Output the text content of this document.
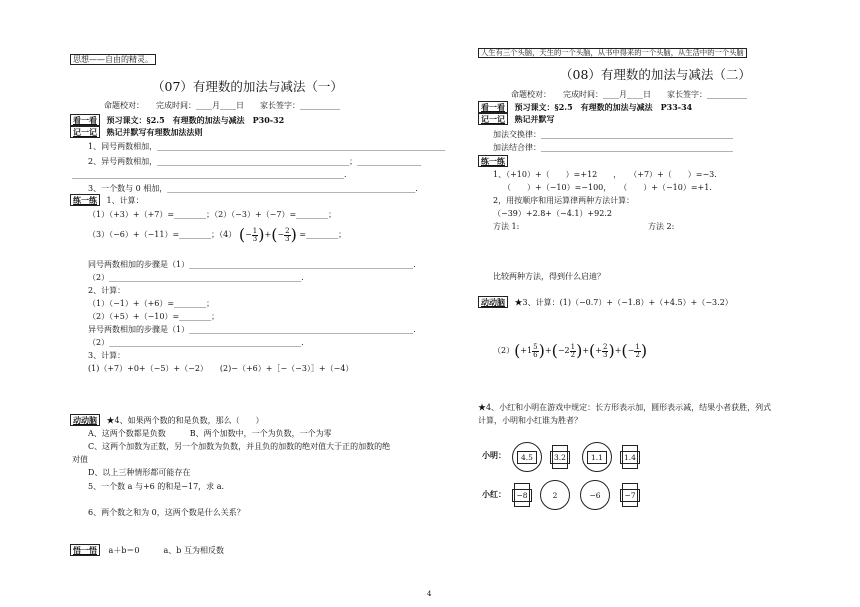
思想——自由的精灵。
（07）有理数的加法与减法（一）
命题校对：　　完成时间：____月____日　　家长签字：__________
看一看 预习课文：§2.5　有理数的加法与减法　P30-32
记一记 熟记并默写有理数加法法则
1、同号两数相加，________________________________________________________________________
2、异号两数相加，________________________________________________；________________
____________________________________________________________________.
3、一个数与 0 相加，______________________________________________________________.
练一练 1、计算：
（1）（+3）+（+7）=________；（2）（−3）+（−7）=________；
（3）（−6）+（−11）=________；（4） (− $\frac{1}{3}$ )+(− $\frac{2}{3}$ ) =________；
同号两数相加的步骤是（1）________________________________________________________.
（2）________________________________________________.
2、计算：
（1）（−1）+（+6）=________；
（2）（+5）+（−10）=________；
异号两数相加的步骤是（1）________________________________________________________.
（2）________________________________________________.
3、计算：
(1)（+7）+0+（−5）+（−2）　　(2)−（+6）+［−（−3）］+（−4）
动动脑 ★4、如果两个数的和是负数，那么（　　）
A、这两个数都是负数　　　B、两个加数中，一个为负数，一个为零
C、这两个加数为正数，另一个加数为负数，并且负的加数的绝对值大于正的加数的绝
对值
D、以上三种情形都可能存在
5、一个数 a 与+6 的和是−17，求 a.
6、两个数之和为 0，这两个数是什么关系？
悟一悟 a＋b＝0　　　a、b 互为相反数
人生有三个头脑，天生的一个头脑，从书中得来的一个头脑，从生活中的一个头脑
（08）有理数的加法与减法（二）
命题校对：　　完成时间：____月____日　　家长签字：__________
看一看 预习课文：§2.5　有理数的加法与减法　P33-34
记一记 熟记并默写
加法交换律：________________________________________________
加法结合律：________________________________________________
练一练
1、（+10）+（　　）=+12　　，　　（+7）+（　　）=−3.
（　　）+（−10）=−100，　　（　　）+（−10）=+1.
2，用按顺序和用运算律两种方法计算：
（−39）+2.8+（−4.1）+92.2
方法 1:	方法 2:
比较两种方法，得到什么启迪？
动动脑 ★3、计算：(1)（−0.7）+（−1.8）+（+4.5）+（−3.2）
$(2)(+1 \frac{5}{6} )+(-2 \frac{1}{2}$ )+(+ $\frac{2}{3}$ )+(− $\frac{1}{2}$ )
★4、小红和小明在游戏中规定：长方形表示加，圆形表示减，结果小者获胜，列式
计算，小明和小红谁为胜者？
小明：	4.5	3.2	1.1	1.4
小红：	−8	2	−6	−7
4
